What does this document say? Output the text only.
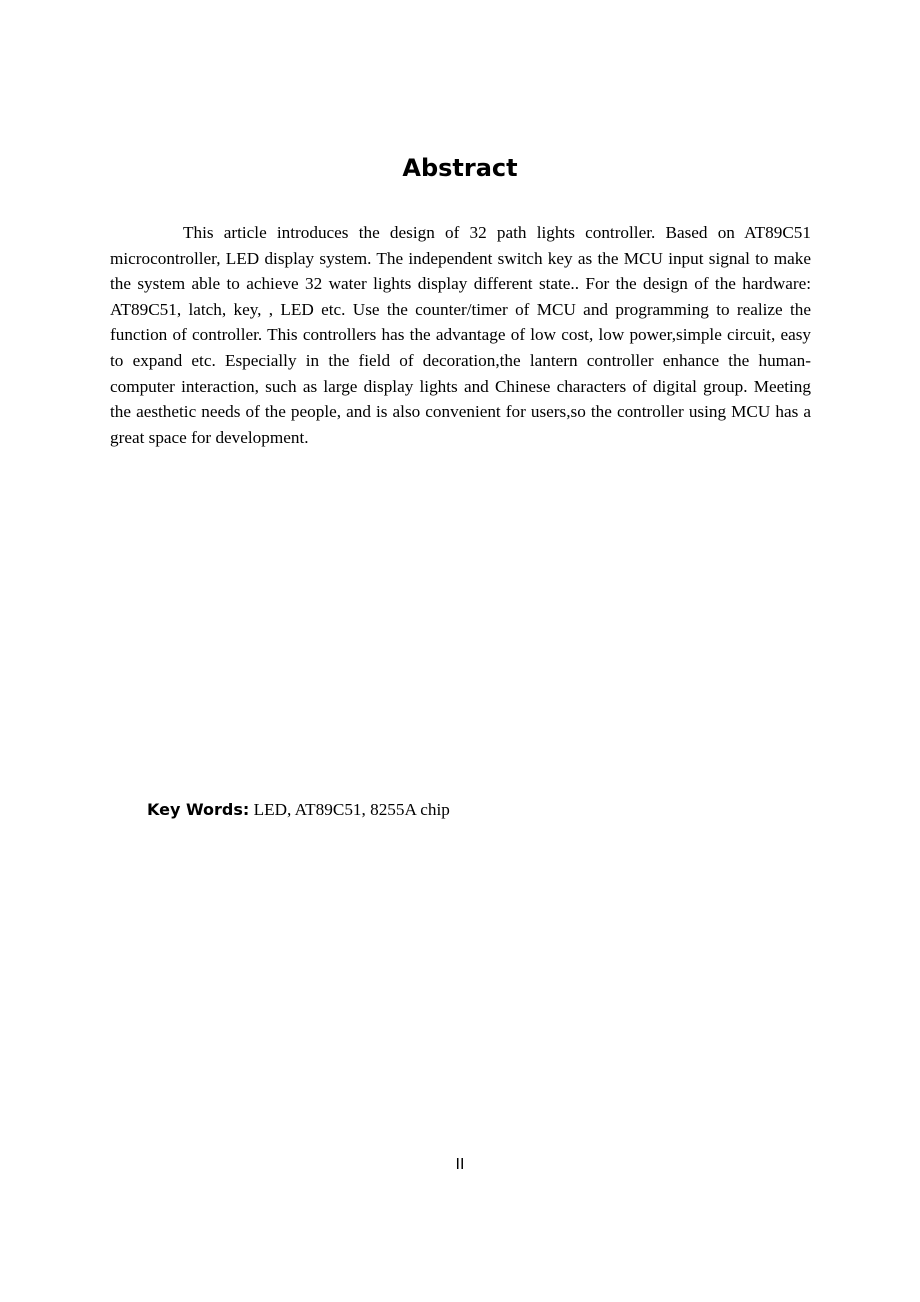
Abstract

This article introduces the design of 32 path lights controller. Based on AT89C51 microcontroller, LED display system. The independent switch key as the MCU input signal to make the system able to achieve 32 water lights display different state.. For the design of the hardware: AT89C51, latch, key, , LED etc. Use the counter/timer of MCU and programming to realize the function of controller. This controllers has the advantage of low cost, low power,simple circuit, easy to expand etc. Especially in the field of decoration,the lantern controller enhance the human-computer interaction, such as large display lights and Chinese characters of digital group. Meeting the aesthetic needs of the people, and is also convenient for users,so the controller using MCU has a great space for development.

Key Words: LED, AT89C51, 8255A chip

II
